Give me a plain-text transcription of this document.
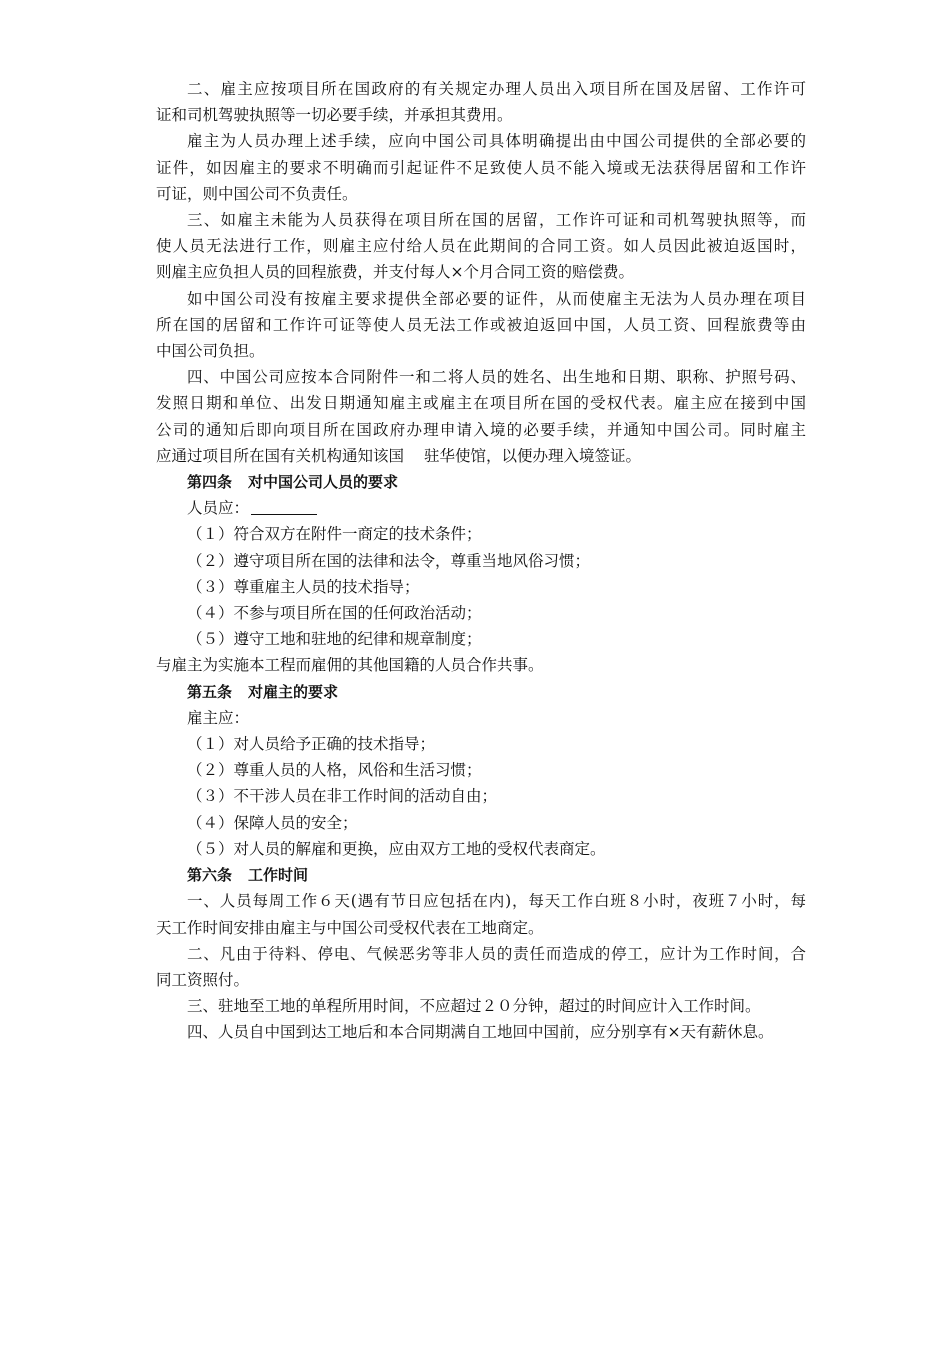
二、雇主应按项目所在国政府的有关规定办理人员出入项目所在国及居留、工作许可
证和司机驾驶执照等一切必要手续，并承担其费用。
雇主为人员办理上述手续，应向中国公司具体明确提出由中国公司提供的全部必要的
证件，如因雇主的要求不明确而引起证件不足致使人员不能入境或无法获得居留和工作许
可证，则中国公司不负责任。
三、如雇主未能为人员获得在项目所在国的居留，工作许可证和司机驾驶执照等，而
使人员无法进行工作，则雇主应付给人员在此期间的合同工资。如人员因此被迫返国时，
则雇主应负担人员的回程旅费，并支付每人×个月合同工资的赔偿费。
如中国公司没有按雇主要求提供全部必要的证件，从而使雇主无法为人员办理在项目
所在国的居留和工作许可证等使人员无法工作或被迫返回中国，人员工资、回程旅费等由
中国公司负担。
四、中国公司应按本合同附件一和二将人员的姓名、出生地和日期、职称、护照号码、
发照日期和单位、出发日期通知雇主或雇主在项目所在国的受权代表。雇主应在接到中国
公司的通知后即向项目所在国政府办理申请入境的必要手续，并通知中国公司。同时雇主
应通过项目所在国有关机构通知该国 驻华使馆，以便办理入境签证。
第四条 对中国公司人员的要求
人员应：
（１）符合双方在附件一商定的技术条件；
（２）遵守项目所在国的法律和法令，尊重当地风俗习惯；
（３）尊重雇主人员的技术指导；
（４）不参与项目所在国的任何政治活动；
（５）遵守工地和驻地的纪律和规章制度；
与雇主为实施本工程而雇佣的其他国籍的人员合作共事。
第五条 对雇主的要求
雇主应：
（１）对人员给予正确的技术指导；
（２）尊重人员的人格，风俗和生活习惯；
（３）不干涉人员在非工作时间的活动自由；
（４）保障人员的安全；
（５）对人员的解雇和更换，应由双方工地的受权代表商定。
第六条 工作时间
一、人员每周工作６天(遇有节日应包括在内)，每天工作白班８小时，夜班７小时，每
天工作时间安排由雇主与中国公司受权代表在工地商定。
二、凡由于待料、停电、气候恶劣等非人员的责任而造成的停工，应计为工作时间，合
同工资照付。
三、驻地至工地的单程所用时间，不应超过２０分钟，超过的时间应计入工作时间。
四、人员自中国到达工地后和本合同期满自工地回中国前，应分别享有×天有薪休息。
